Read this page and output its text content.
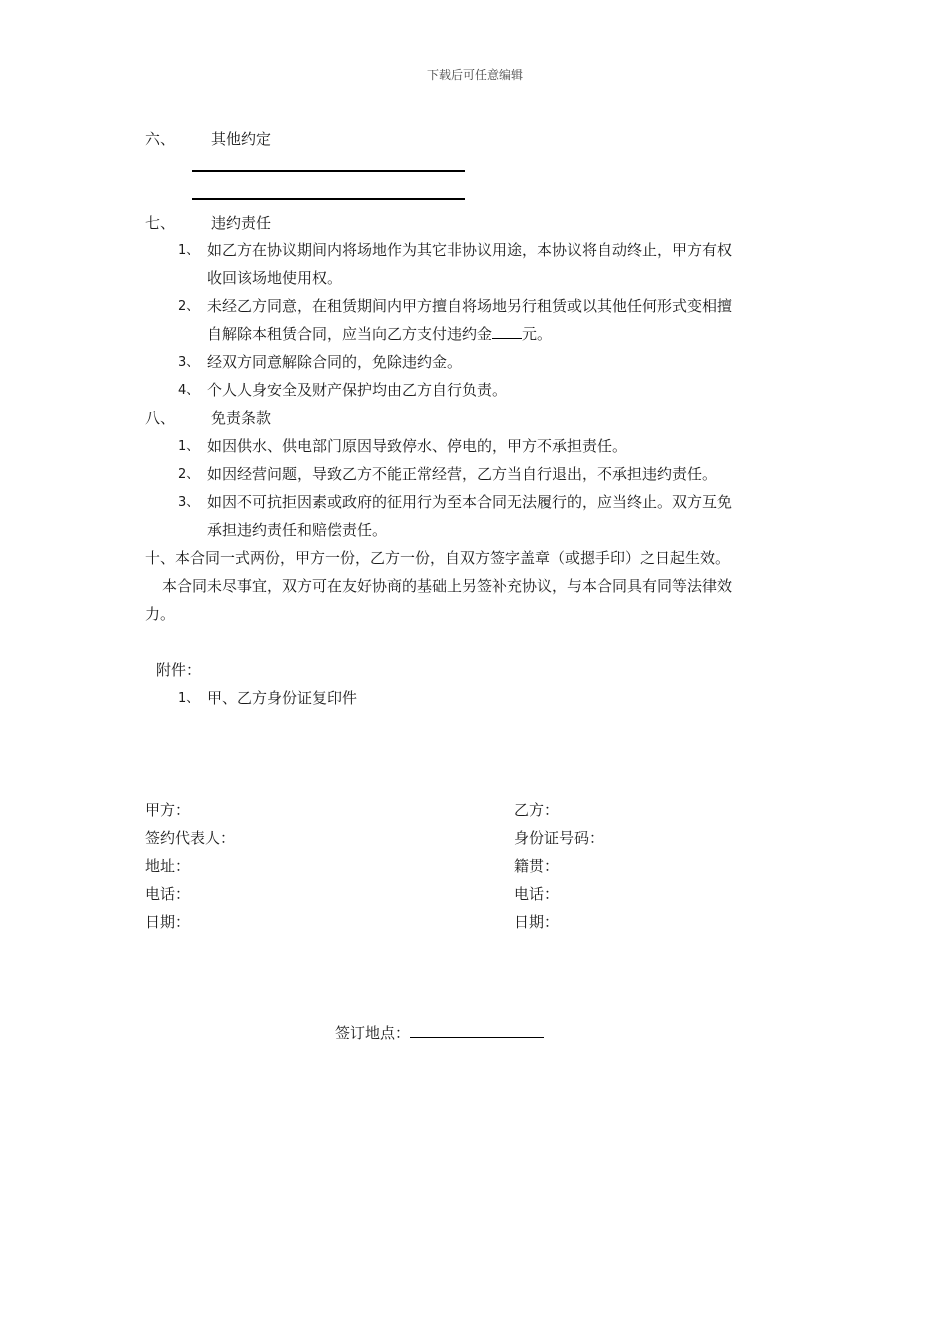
下载后可任意编辑
六、 其他约定
七、 违约责任
1、 如乙方在协议期间内将场地作为其它非协议用途，本协议将自动终止，甲方有权
收回该场地使用权。
2、 未经乙方同意，在租赁期间内甲方擅自将场地另行租赁或以其他任何形式变相擅
自解除本租赁合同，应当向乙方支付违约金 元。
3、 经双方同意解除合同的，免除违约金。
4、 个人人身安全及财产保护均由乙方自行负责。
八、 免责条款
1、 如因供水、供电部门原因导致停水、停电的，甲方不承担责任。
2、 如因经营问题，导致乙方不能正常经营，乙方当自行退出，不承担违约责任。
3、 如因不可抗拒因素或政府的征用行为至本合同无法履行的，应当终止。双方互免
承担违约责任和赔偿责任。
十、本合同一式两份，甲方一份，乙方一份，自双方签字盖章（或摁手印）之日起生效。
本合同未尽事宜，双方可在友好协商的基础上另签补充协议，与本合同具有同等法律效
力。
附件：
1、 甲、乙方身份证复印件
甲方：
签约代表人：
地址：
电话：
日期：
乙方：
身份证号码：
籍贯：
电话：
日期：
签订地点：
